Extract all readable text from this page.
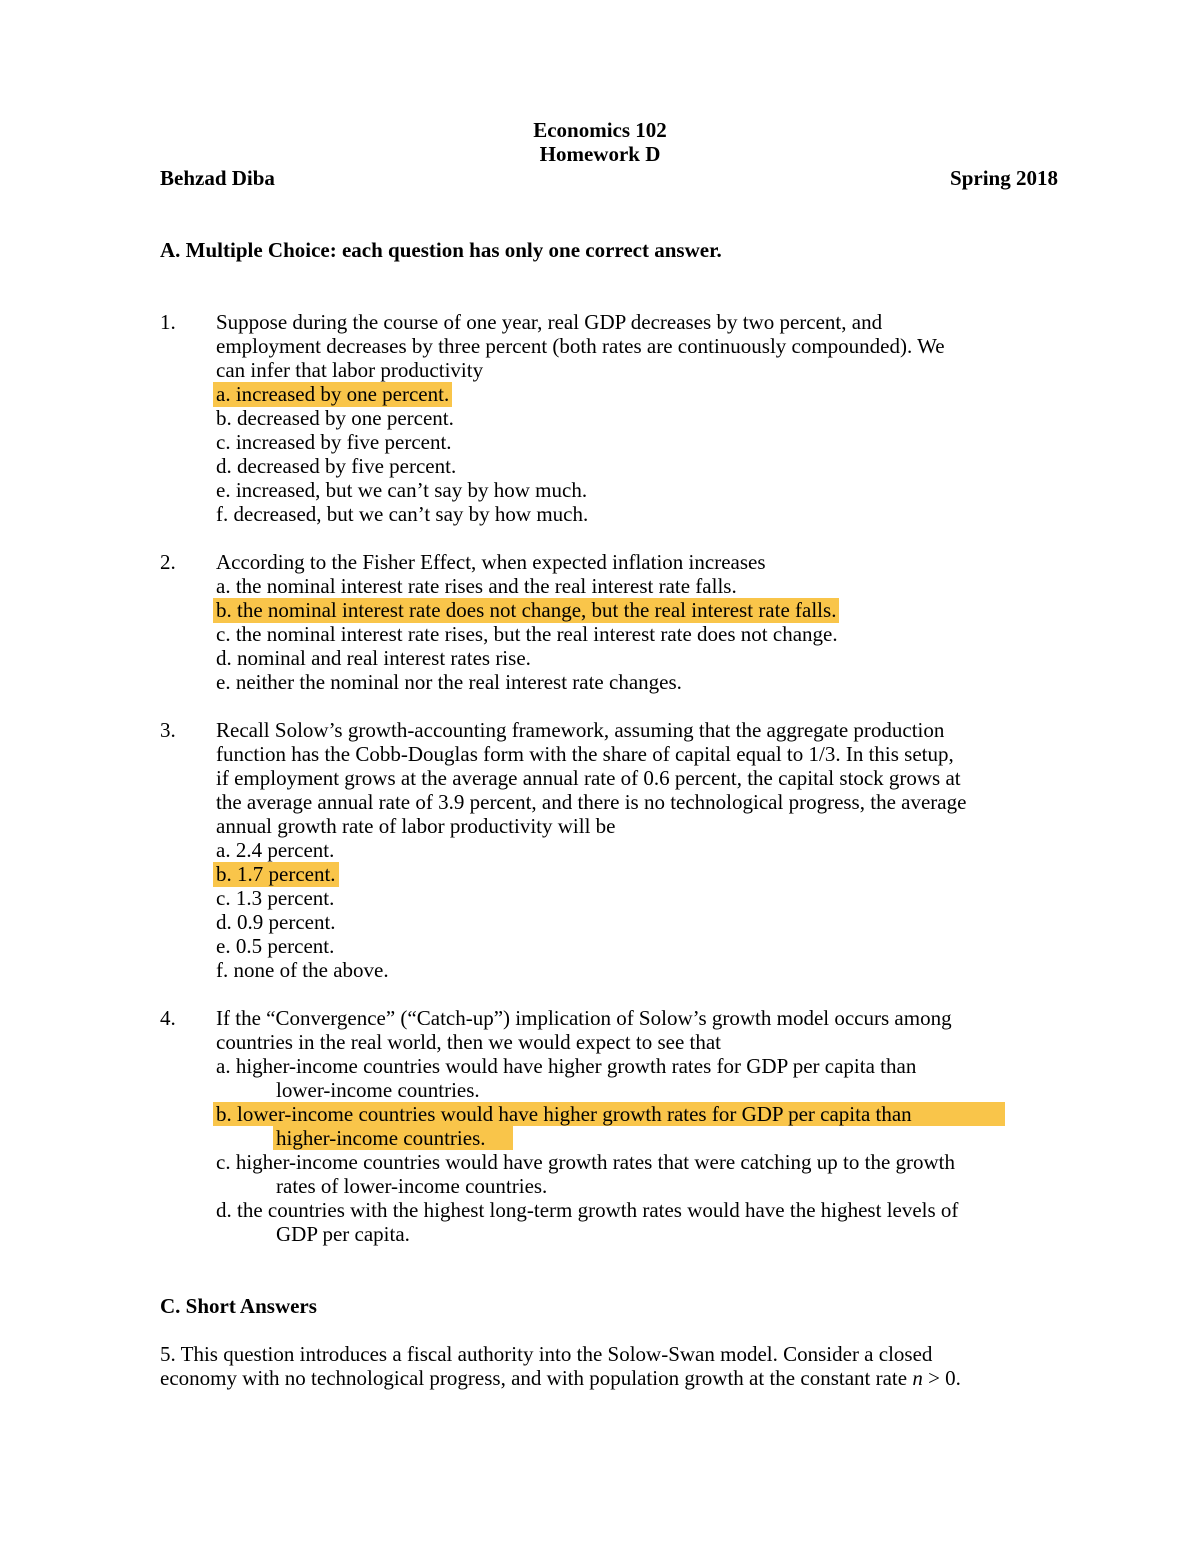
Economics 102
Homework D
Behzad Diba	Spring 2018
A. Multiple Choice: each question has only one correct answer.
1. Suppose during the course of one year, real GDP decreases by two percent, and
employment decreases by three percent (both rates are continuously compounded). We
can infer that labor productivity
a. increased by one percent.
b. decreased by one percent.
c. increased by five percent.
d. decreased by five percent.
e. increased, but we can’t say by how much.
f. decreased, but we can’t say by how much.
2. According to the Fisher Effect, when expected inflation increases
a. the nominal interest rate rises and the real interest rate falls.
b. the nominal interest rate does not change, but the real interest rate falls.
c. the nominal interest rate rises, but the real interest rate does not change.
d. nominal and real interest rates rise.
e. neither the nominal nor the real interest rate changes.
3. Recall Solow’s growth-accounting framework, assuming that the aggregate production
function has the Cobb-Douglas form with the share of capital equal to 1/3. In this setup,
if employment grows at the average annual rate of 0.6 percent, the capital stock grows at
the average annual rate of 3.9 percent, and there is no technological progress, the average
annual growth rate of labor productivity will be
a. 2.4 percent.
b. 1.7 percent.
c. 1.3 percent.
d. 0.9 percent.
e. 0.5 percent.
f. none of the above.
4. If the “Convergence” (“Catch-up”) implication of Solow’s growth model occurs among
countries in the real world, then we would expect to see that
a. higher-income countries would have higher growth rates for GDP per capita than
lower-income countries.
b. lower-income countries would have higher growth rates for GDP per capita than
higher-income countries.
c. higher-income countries would have growth rates that were catching up to the growth
rates of lower-income countries.
d. the countries with the highest long-term growth rates would have the highest levels of
GDP per capita.
C. Short Answers
5. This question introduces a fiscal authority into the Solow-Swan model. Consider a closed
economy with no technological progress, and with population growth at the constant rate n > 0.
